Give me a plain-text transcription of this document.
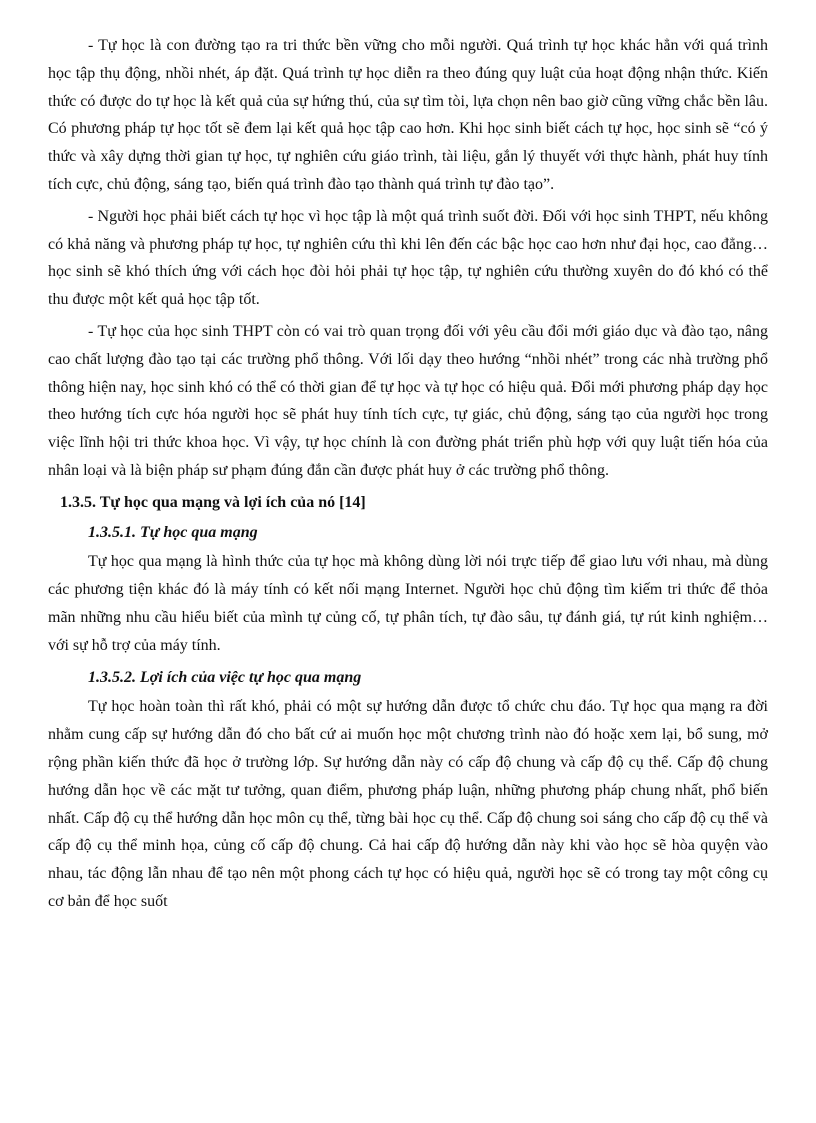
- Tự học là con đường tạo ra tri thức bền vững cho mỗi người. Quá trình tự học khác hẳn với quá trình học tập thụ động, nhồi nhét, áp đặt. Quá trình tự học diễn ra theo đúng quy luật của hoạt động nhận thức. Kiến thức có được do tự học là kết quả của sự hứng thú, của sự tìm tòi, lựa chọn nên bao giờ cũng vững chắc bền lâu. Có phương pháp tự học tốt sẽ đem lại kết quả học tập cao hơn. Khi học sinh biết cách tự học, học sinh sẽ “có ý thức và xây dựng thời gian tự học, tự nghiên cứu giáo trình, tài liệu, gắn lý thuyết với thực hành, phát huy tính tích cực, chủ động, sáng tạo, biến quá trình đào tạo thành quá trình tự đào tạo”.

- Người học phải biết cách tự học vì học tập là một quá trình suốt đời. Đối với học sinh THPT, nếu không có khả năng và phương pháp tự học, tự nghiên cứu thì khi lên đến các bậc học cao hơn như đại học, cao đẳng… học sinh sẽ khó thích ứng với cách học đòi hỏi phải tự học tập, tự nghiên cứu thường xuyên do đó khó có thể thu được một kết quả học tập tốt.

- Tự học của học sinh THPT còn có vai trò quan trọng đối với yêu cầu đổi mới giáo dục và đào tạo, nâng cao chất lượng đào tạo tại các trường phổ thông. Với lối dạy theo hướng “nhồi nhét” trong các nhà trường phổ thông hiện nay, học sinh khó có thể có thời gian để tự học và tự học có hiệu quả. Đổi mới phương pháp dạy học theo hướng tích cực hóa người học sẽ phát huy tính tích cực, tự giác, chủ động, sáng tạo của người học trong việc lĩnh hội tri thức khoa học. Vì vậy, tự học chính là con đường phát triển phù hợp với quy luật tiến hóa của nhân loại và là biện pháp sư phạm đúng đắn cần được phát huy ở các trường phổ thông.

1.3.5. Tự học qua mạng và lợi ích của nó [14]
1.3.5.1. Tự học qua mạng

Tự học qua mạng là hình thức của tự học mà không dùng lời nói trực tiếp để giao lưu với nhau, mà dùng các phương tiện khác đó là máy tính có kết nối mạng Internet. Người học chủ động tìm kiếm tri thức để thỏa mãn những nhu cầu hiểu biết của mình tự củng cố, tự phân tích, tự đào sâu, tự đánh giá, tự rút kinh nghiệm…với sự hỗ trợ của máy tính.

1.3.5.2. Lợi ích của việc tự học qua mạng

Tự học hoàn toàn thì rất khó, phải có một sự hướng dẫn được tổ chức chu đáo. Tự học qua mạng ra đời nhằm cung cấp sự hướng dẫn đó cho bất cứ ai muốn học một chương trình nào đó hoặc xem lại, bổ sung, mở rộng phần kiến thức đã học ở trường lớp. Sự hướng dẫn này có cấp độ chung và cấp độ cụ thể. Cấp độ chung hướng dẫn học về các mặt tư tưởng, quan điểm, phương pháp luận, những phương pháp chung nhất, phổ biến nhất. Cấp độ cụ thể hướng dẫn học môn cụ thể, từng bài học cụ thể. Cấp độ chung soi sáng cho cấp độ cụ thể và cấp độ cụ thể minh họa, củng cố cấp độ chung. Cả hai cấp độ hướng dẫn này khi vào học sẽ hòa quyện vào nhau, tác động lẫn nhau để tạo nên một phong cách tự học có hiệu quả, người học sẽ có trong tay một công cụ cơ bản để học suốt
